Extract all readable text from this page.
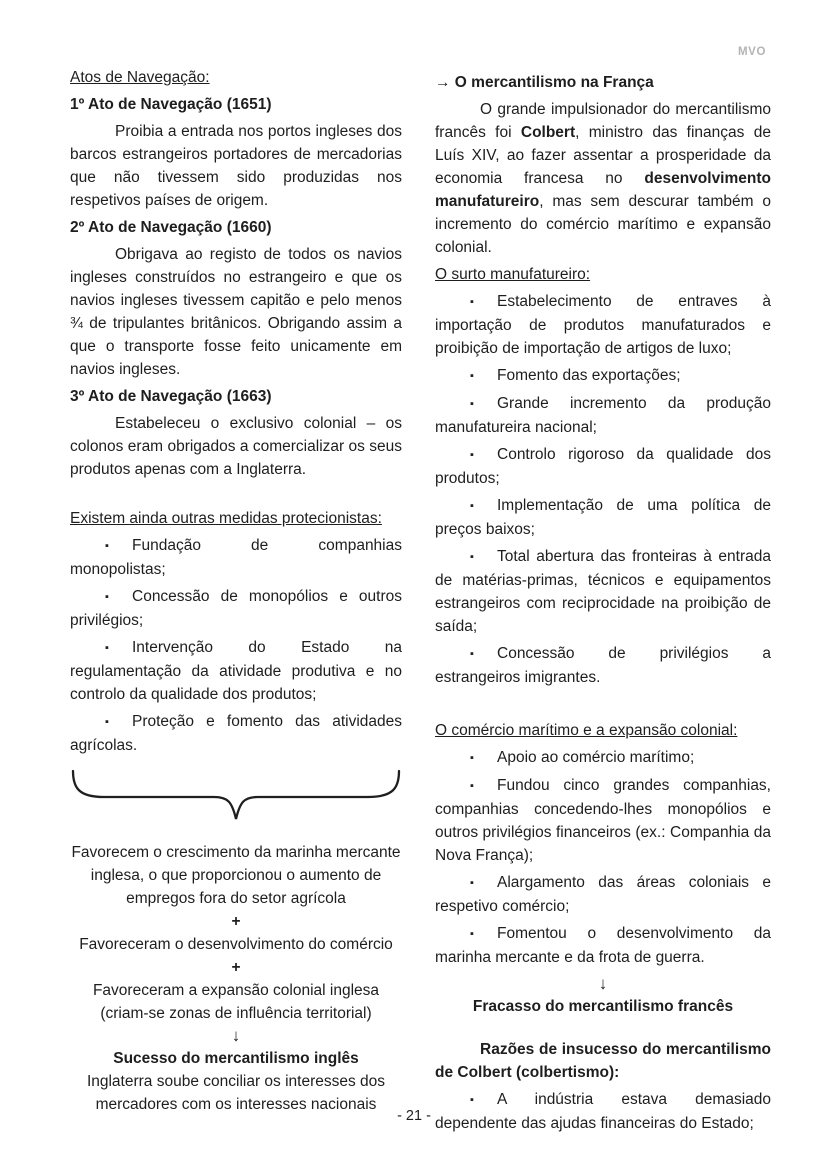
MVO

Atos de Navegação:

1º Ato de Navegação (1651)

Proibia a entrada nos portos ingleses dos barcos estrangeiros portadores de mercadorias que não tivessem sido produzidas nos respetivos países de origem.

2º Ato de Navegação (1660)

Obrigava ao registo de todos os navios ingleses construídos no estrangeiro e que os navios ingleses tivessem capitão e pelo menos ¾ de tripulantes britânicos. Obrigando assim a que o transporte fosse feito unicamente em navios ingleses.

3º Ato de Navegação (1663)

Estabeleceu o exclusivo colonial – os colonos eram obrigados a comercializar os seus produtos apenas com a Inglaterra.

Existem ainda outras medidas protecionistas:

▪ Fundação de companhias monopolistas;

▪ Concessão de monopólios e outros privilégios;

▪ Intervenção do Estado na regulamentação da atividade produtiva e no controlo da qualidade dos produtos;

▪ Proteção e fomento das atividades agrícolas.

Favorecem o crescimento da marinha mercante inglesa, o que proporcionou o aumento de empregos fora do setor agrícola

+

Favoreceram o desenvolvimento do comércio

+

Favoreceram a expansão colonial inglesa (criam-se zonas de influência territorial)

↓

Sucesso do mercantilismo inglês

Inglaterra soube conciliar os interesses dos mercadores com os interesses nacionais

→ O mercantilismo na França

O grande impulsionador do mercantilismo francês foi Colbert, ministro das finanças de Luís XIV, ao fazer assentar a prosperidade da economia francesa no desenvolvimento manufatureiro, mas sem descurar também o incremento do comércio marítimo e expansão colonial.

O surto manufatureiro:

▪ Estabelecimento de entraves à importação de produtos manufaturados e proibição de importação de artigos de luxo;

▪ Fomento das exportações;

▪ Grande incremento da produção manufatureira nacional;

▪ Controlo rigoroso da qualidade dos produtos;

▪ Implementação de uma política de preços baixos;

▪ Total abertura das fronteiras à entrada de matérias-primas, técnicos e equipamentos estrangeiros com reciprocidade na proibição de saída;

▪ Concessão de privilégios a estrangeiros imigrantes.

O comércio marítimo e a expansão colonial:

▪ Apoio ao comércio marítimo;

▪ Fundou cinco grandes companhias, companhias concedendo-lhes monopólios e outros privilégios financeiros (ex.: Companhia da Nova França);

▪ Alargamento das áreas coloniais e respetivo comércio;

▪ Fomentou o desenvolvimento da marinha mercante e da frota de guerra.

↓

Fracasso do mercantilismo francês

Razões de insucesso do mercantilismo de Colbert (colbertismo):

▪ A indústria estava demasiado dependente das ajudas financeiras do Estado;

- 21 -
